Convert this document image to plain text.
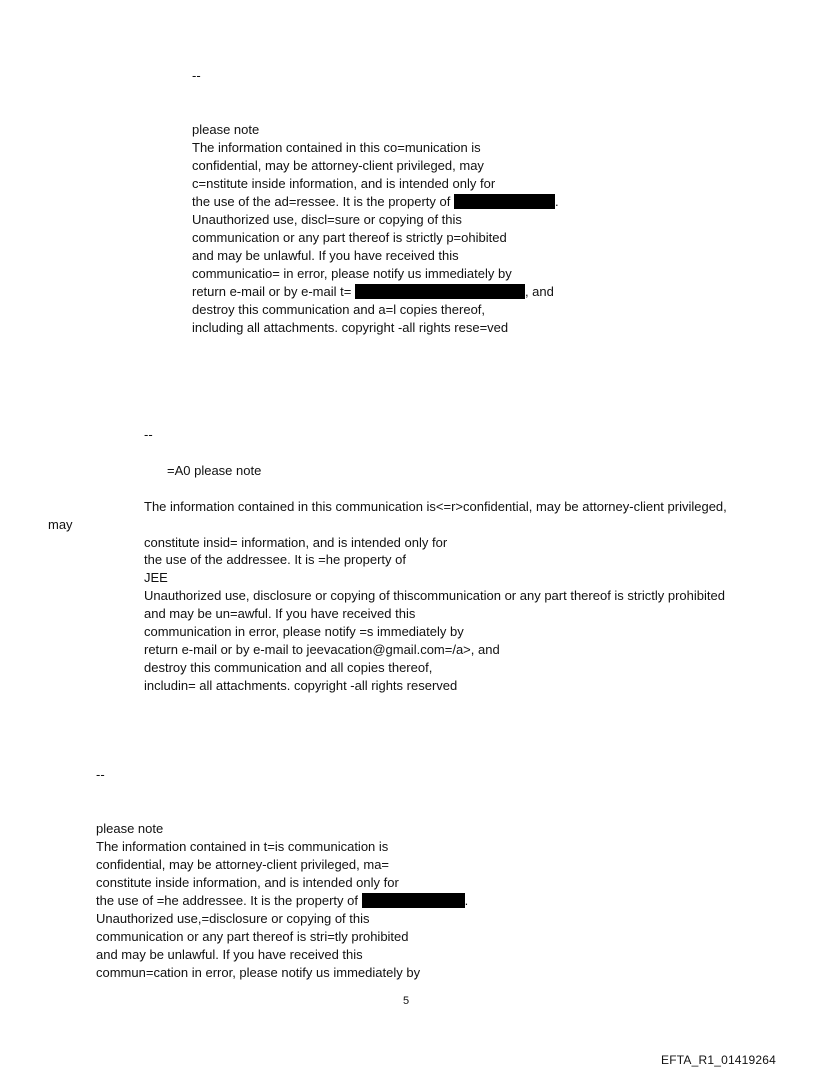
--
please note
The information contained in this co=munication is
confidential, may be attorney-client privileged, may
c=nstitute inside information, and is intended only for
the use of the ad=ressee. It is the property of	.
Unauthorized use, discl=sure or copying of this
communication or any part thereof is strictly p=ohibited
and may be unlawful. If you have received this
communicatio= in error, please notify us immediately by
return e-mail or by e-mail t=	, and
destroy this communication and a=l copies thereof,
including all attachments. copyright -all rights rese=ved
--
=A0 please note
The information contained in this communication is<=r>confidential, may be attorney-client privileged,
may
constitute insid= information, and is intended only for
the use of the addressee. It is =he property of
JEE
Unauthorized use, disclosure or copying of thiscommunication or any part thereof is strictly prohibited
and may be un=awful. If you have received this
communication in error, please notify =s immediately by
return e-mail or by e-mail to jeevacation@gmail.com=/a>, and
destroy this communication and all copies thereof,
includin= all attachments. copyright -all rights reserved
--
please note
The information contained in t=is communication is
confidential, may be attorney-client privileged, ma=
constitute inside information, and is intended only for
the use of =he addressee. It is the property of	.
Unauthorized use,=disclosure or copying of this
communication or any part thereof is stri=tly prohibited
and may be unlawful. If you have received this
commun=cation in error, please notify us immediately by
5
EFTA_R1_01419264
